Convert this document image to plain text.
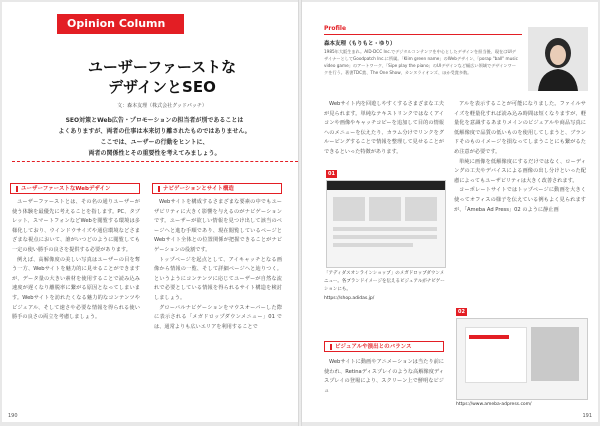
Opinion Column
ユーザーファーストな
デザインとSEO
文：森本友理（株式会社グッドパッチ）
SEO対策とWeb広告・プロモーションの担当者が別であることは
よくありますが、両者の仕事は本来切り離されたものではありません。
ここでは、ユーザーの行動をヒントに、
両者の関係性とその重要性を考えてみましょう。
ユーザーファーストなWebデザイン

ユーザーファーストとは、その名の通りユーザーが使う体験を最優先に考えることを指します。PC、タブレット、スマートフォンなどWebを閲覧する環境は多様化しており、ウインドウサイズや通信環境などさまざまな視点において、誰がいつどのように閲覧しても一定の使い勝手の良さを提供する必要があります。

例えば、高解像度の美しい写真はユーザーの目を奪う一方、Webサイトを魅力的に見せることができますが、データ量の大きい素材を使用することで読み込み速度が遅くなり離脱率に繋がる原因となってしまいます。Webサイトを訪れたくなる魅力的なコンテンツやビジュアル、そして速さや必要な情報を得られる使い勝手の良さの両立を考慮しましょう。

ナビゲーションとサイト構造

Webサイトを構成するさまざまな要素の中でもユーザビリティに大きく影響を与えるのがナビゲーションです。ユーザーが欲しい情報を見つけ出して該当のページへと進む手順であり、現在閲覧しているページとWebサイト全体との位置関係が把握できることがナビゲーションの役割です。

トップページを起点として、アイキャッチとなる画像から情報の一覧、そして詳細ページへと辿りつく。というようにコンテンツに応じてユーザーが自然な流れで必要としている情報を得られるサイト構造を検討しましょう。

グローバルナビゲーションをマウスオーバーした際に表示される「メガドロップダウンメニュー」01 では、通常よりも広いエリアを利用することで

190
Profile
森本友理（もりもと・ゆり）
1985年大阪生まれ。AID-DCC Inc.でデジタルコンテンツを中心としたデザインを担当後、現在はUIデザイナーとしてGoodpatch Inc.に所属。「Klim green name」のWebデザイン、「porap "ball" music video game」のアートワーク、「Sipe play the piano」のUIデザインなど幅広い領域でデザインワークを行う。著書TDC賞、The One Show、カンヌライオンズ、ほか受賞多数。

Webサイト内を回遊しやすくするさまざまな工夫が見られます。単純なテキストリンクではなくアイコンや画像やキャッチコピーを追加して目的の情報へのメニューを伝えたり、カラム分けでリンクをグルーピングすることで情報を整理して見せることができるといった特徴があります。

01
「アディダスオンラインショップ」のメガドロップダウンメニュー。各ブランドイメージを伝えるビジュアルがナビゲーションにも。
https://shop.adidas.jp/
ビジュアルや演出とのバランス

Webサイトに動画やアニメーションは当たり前に使われ、Retinaディスプレイのような高解像度ディスプレイの登場により、スクリーン上で鮮明なビジュ

アルを表示することが可能になりました。ファイルサイズを軽量化すれば読み込み時間は短くなりますが、軽量化を意識するあまりメインのビジュアルや商品写真に低解像度で品質の低いものを使用してしまうと、ブランドそのものイメージを損なってしまうことにも繋がるため注意が必要です。

単純に画像を低解像度にするだけではなく、ローディングの工夫やデバイスによる画像の出し分けといった配慮によってもユーザビリティは大きく改善されます。

コーポレートサイトではトップページに動画を大きく使ってオフィスの様子を伝えている例もよく見られますが、「Ameba Ad Press」02 のように静止画

02
https://www.ameba-adpress.com/
191
